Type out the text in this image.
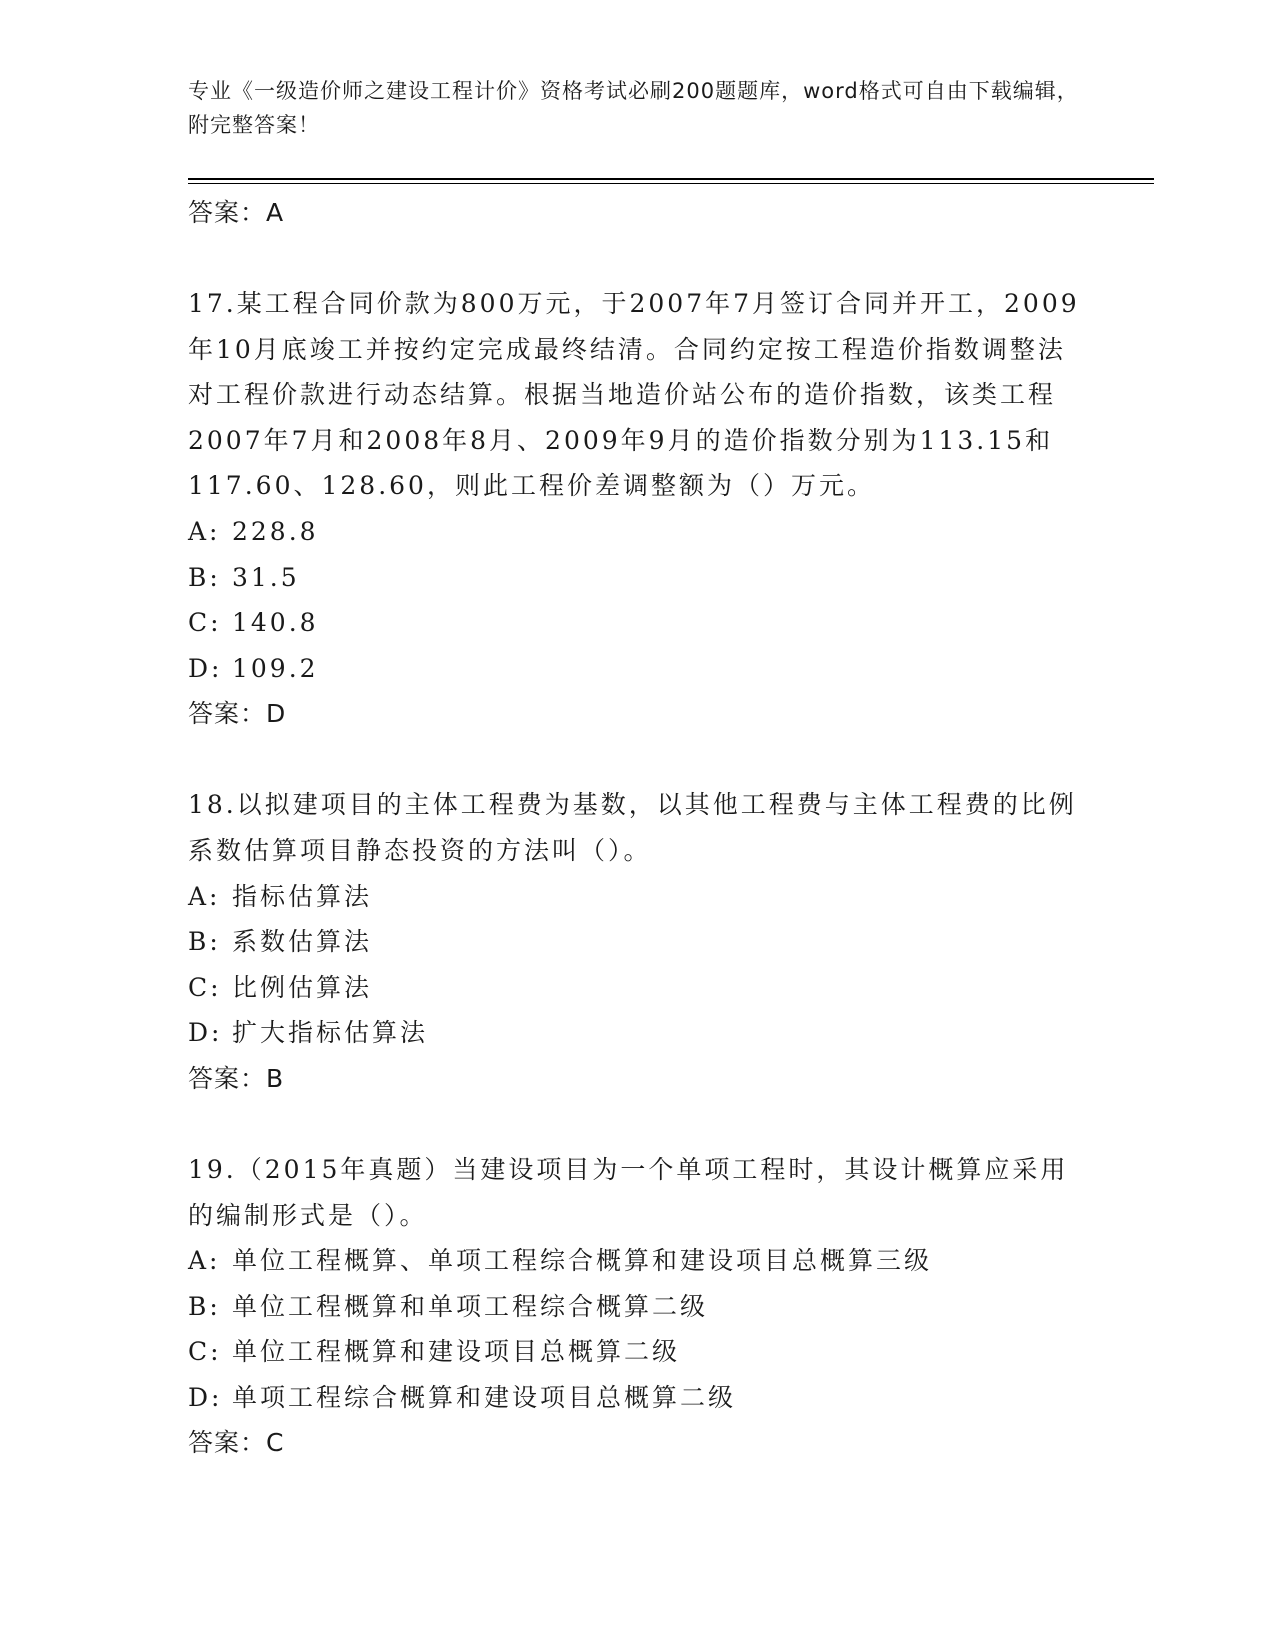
专业《一级造价师之建设工程计价》资格考试必刷200题题库，word格式可自由下载编辑，附完整答案！
答案：A
17.某工程合同价款为800万元，于2007年7月签订合同并开工，2009年10月底竣工并按约定完成最终结清。合同约定按工程造价指数调整法对工程价款进行动态结算。根据当地造价站公布的造价指数，该类工程2007年7月和2008年8月、2009年9月的造价指数分别为113.15和117.60、128.60，则此工程价差调整额为（）万元。
A: 228.8
B: 31.5
C: 140.8
D: 109.2
答案：D
18.以拟建项目的主体工程费为基数，以其他工程费与主体工程费的比例系数估算项目静态投资的方法叫（）。
A: 指标估算法
B: 系数估算法
C: 比例估算法
D: 扩大指标估算法
答案：B
19.（2015年真题）当建设项目为一个单项工程时，其设计概算应采用的编制形式是（）。
A: 单位工程概算、单项工程综合概算和建设项目总概算三级
B: 单位工程概算和单项工程综合概算二级
C: 单位工程概算和建设项目总概算二级
D: 单项工程综合概算和建设项目总概算二级
答案：C
